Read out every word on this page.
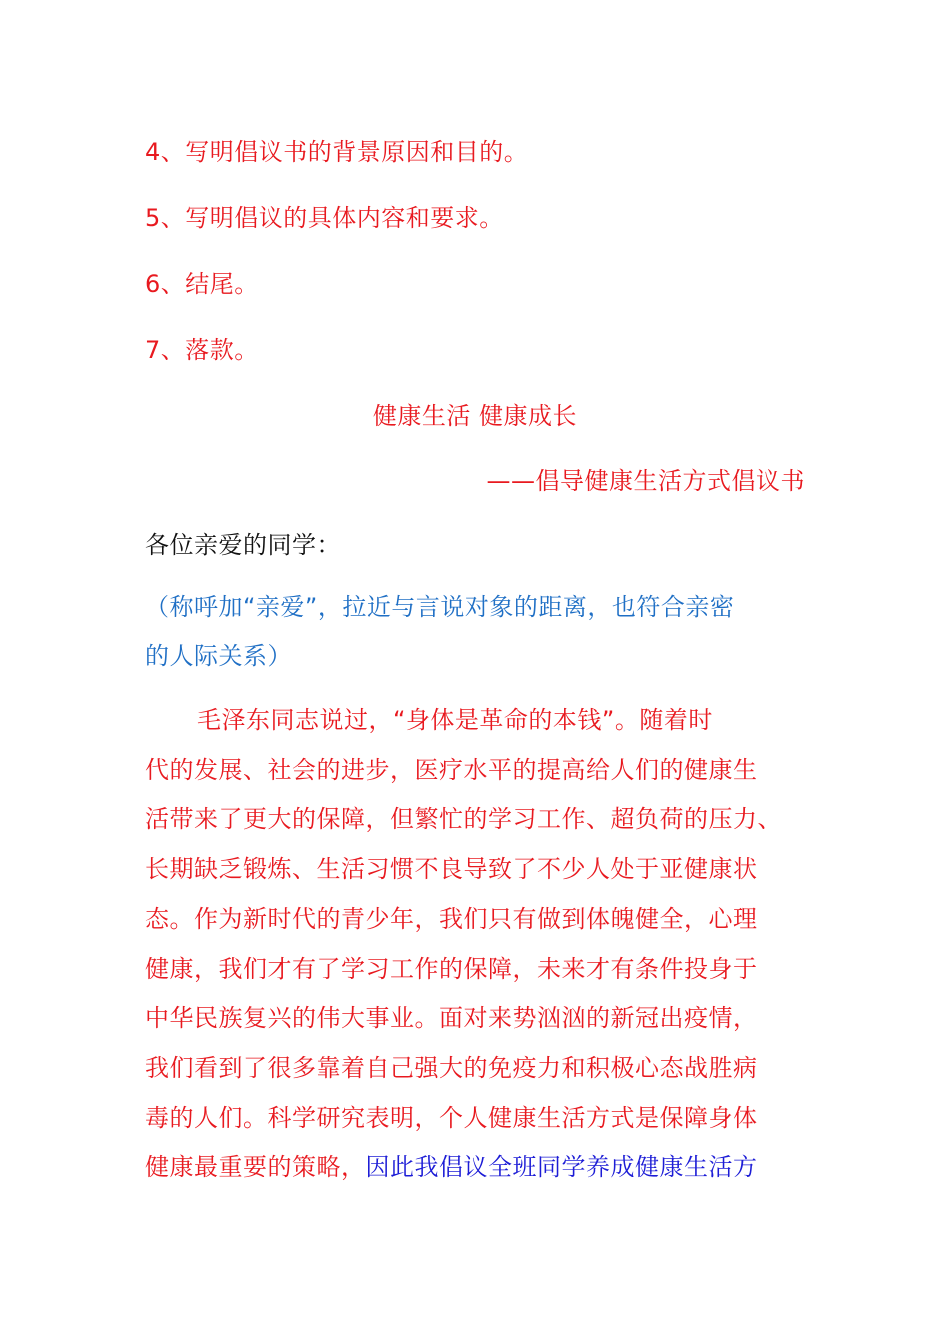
4、写明倡议书的背景原因和目的。
5、写明倡议的具体内容和要求。
6、结尾。
7、落款。
健康生活 健康成长
——倡导健康生活方式倡议书
各位亲爱的同学：
（称呼加“亲爱”，拉近与言说对象的距离，也符合亲密
的人际关系）
毛泽东同志说过，“身体是革命的本钱”。随着时
代的发展、社会的进步，医疗水平的提高给人们的健康生
活带来了更大的保障，但繁忙的学习工作、超负荷的压力、
长期缺乏锻炼、生活习惯不良导致了不少人处于亚健康状
态。作为新时代的青少年，我们只有做到体魄健全，心理
健康，我们才有了学习工作的保障，未来才有条件投身于
中华民族复兴的伟大事业。面对来势汹汹的新冠出疫情，
我们看到了很多靠着自己强大的免疫力和积极心态战胜病
毒的人们。科学研究表明，个人健康生活方式是保障身体
健康最重要的策略，因此我倡议全班同学养成健康生活方
